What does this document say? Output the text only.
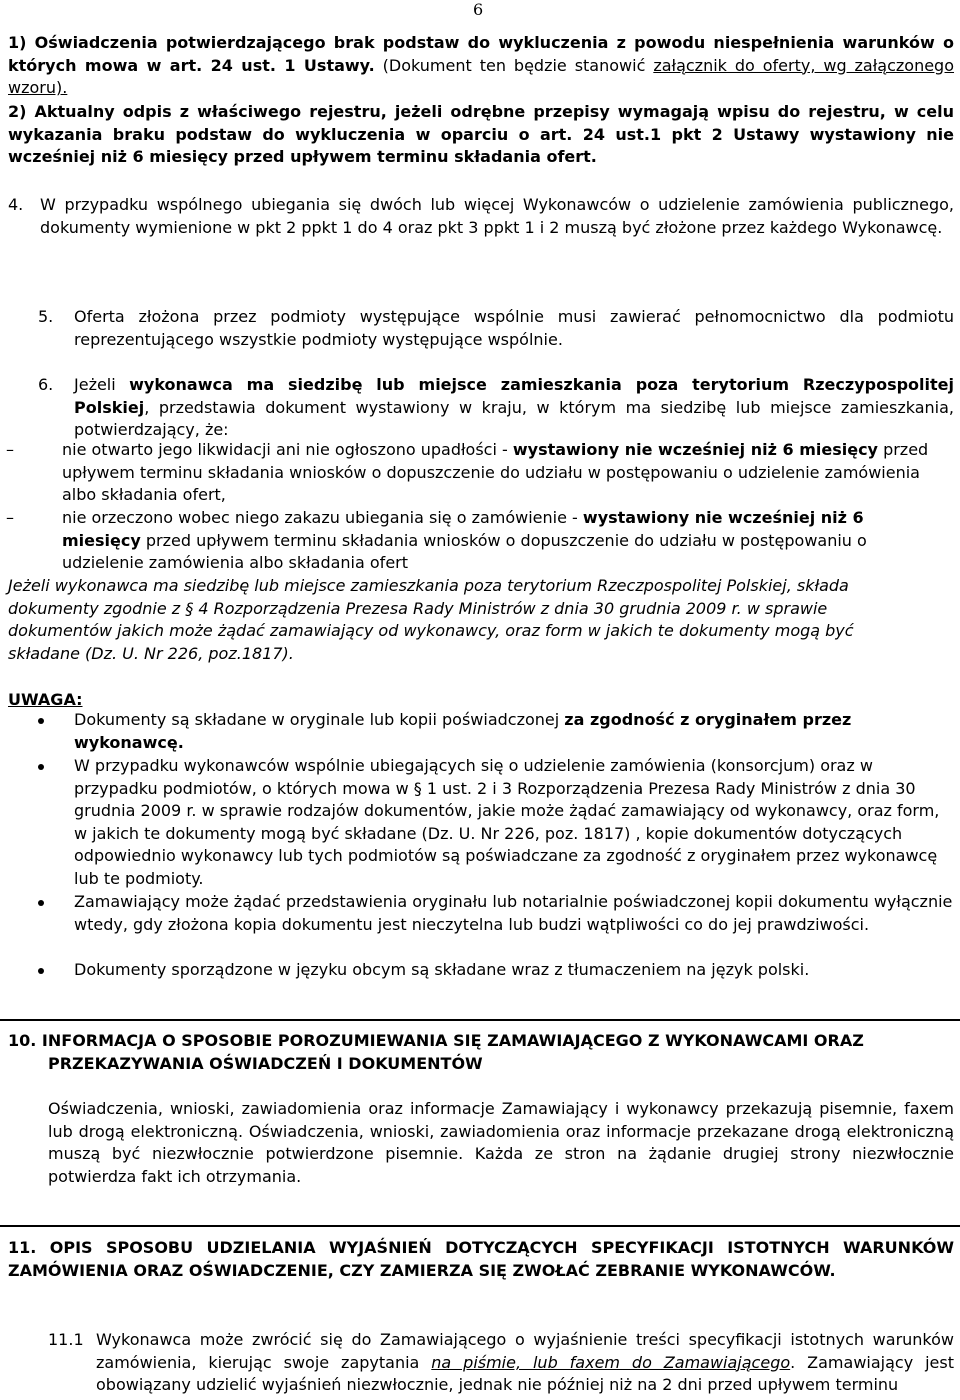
6

1) Oświadczenia potwierdzającego brak podstaw do wykluczenia z powodu niespełnienia warunków o których mowa w art. 24 ust. 1 Ustawy. (Dokument ten będzie stanowić załącznik do oferty, wg załączonego wzoru).

2) Aktualny odpis z właściwego rejestru, jeżeli odrębne przepisy wymagają wpisu do rejestru, w celu wykazania braku podstaw do wykluczenia w oparciu o art. 24 ust.1 pkt 2 Ustawy wystawiony nie wcześniej niż 6 miesięcy przed upływem terminu składania ofert.

4. W przypadku wspólnego ubiegania się dwóch lub więcej Wykonawców o udzielenie zamówienia publicznego, dokumenty wymienione w pkt 2 ppkt 1 do 4 oraz pkt 3 ppkt 1 i 2 muszą być złożone przez każdego Wykonawcę.
5. Oferta złożona przez podmioty występujące wspólnie musi zawierać pełnomocnictwo dla podmiotu reprezentującego wszystkie podmioty występujące wspólnie.
6. Jeżeli wykonawca ma siedzibę lub miejsce zamieszkania poza terytorium Rzeczypospolitej Polskiej, przedstawia dokument wystawiony w kraju, w którym ma siedzibę lub miejsce zamieszkania, potwierdzający, że:
–	nie otwarto jego likwidacji ani nie ogłoszono upadłości - wystawiony nie wcześniej niż 6 miesięcy przed upływem terminu składania wniosków o dopuszczenie do udziału w postępowaniu o udzielenie zamówienia albo składania ofert,
–	nie orzeczono wobec niego zakazu ubiegania się o zamówienie - wystawiony nie wcześniej niż 6 miesięcy przed upływem terminu składania wniosków o dopuszczenie do udziału w postępowaniu o udzielenie zamówienia albo składania ofert

Jeżeli wykonawca ma siedzibę lub miejsce zamieszkania poza terytorium Rzeczpospolitej Polskiej, składa dokumenty zgodnie z § 4 Rozporządzenia Prezesa Rady Ministrów z dnia 30 grudnia 2009 r. w sprawie dokumentów jakich może żądać zamawiający od wykonawcy, oraz form w jakich te dokumenty mogą być składane (Dz. U. Nr 226, poz.1817).

UWAGA:
Dokumenty są składane w oryginale lub kopii poświadczonej za zgodność z oryginałem przez wykonawcę.
W przypadku wykonawców wspólnie ubiegających się o udzielenie zamówienia (konsorcjum) oraz w przypadku podmiotów, o których mowa w § 1 ust. 2 i 3 Rozporządzenia Prezesa Rady Ministrów z dnia 30 grudnia 2009 r. w sprawie rodzajów dokumentów, jakie może żądać zamawiający od wykonawcy, oraz form, w jakich te dokumenty mogą być składane (Dz. U. Nr 226, poz. 1817) , kopie dokumentów dotyczących odpowiednio wykonawcy lub tych podmiotów są poświadczane za zgodność z oryginałem przez wykonawcę lub te podmioty.
Zamawiający może żądać przedstawienia oryginału lub notarialnie poświadczonej kopii dokumentu wyłącznie wtedy, gdy złożona kopia dokumentu jest nieczytelna lub budzi wątpliwości co do jej prawdziwości.
Dokumenty sporządzone w języku obcym są składane wraz z tłumaczeniem na język polski.
10. INFORMACJA O SPOSOBIE POROZUMIEWANIA SIĘ ZAMAWIAJĄCEGO Z WYKONAWCAMI ORAZ
PRZEKAZYWANIA OŚWIADCZEŃ I DOKUMENTÓW

Oświadczenia, wnioski, zawiadomienia oraz informacje Zamawiający i wykonawcy przekazują pisemnie, faxem lub drogą elektroniczną. Oświadczenia, wnioski, zawiadomienia oraz informacje przekazane drogą elektroniczną muszą być niezwłocznie potwierdzone pisemnie. Każda ze stron na żądanie drugiej strony niezwłocznie potwierdza fakt ich otrzymania.

11. OPIS SPOSOBU UDZIELANIA WYJAŚNIEŃ DOTYCZĄCYCH SPECYFIKACJI ISTOTNYCH WARUNKÓW ZAMÓWIENIA ORAZ OŚWIADCZENIE, CZY ZAMIERZA SIĘ ZWOŁAĆ ZEBRANIE WYKONAWCÓW.

11.1 Wykonawca może zwrócić się do Zamawiającego o wyjaśnienie treści specyfikacji istotnych warunków zamówienia, kierując swoje zapytania na piśmie, lub faxem do Zamawiającego. Zamawiający jest obowiązany udzielić wyjaśnień niezwłocznie, jednak nie później niż na 2 dni przed upływem terminu
